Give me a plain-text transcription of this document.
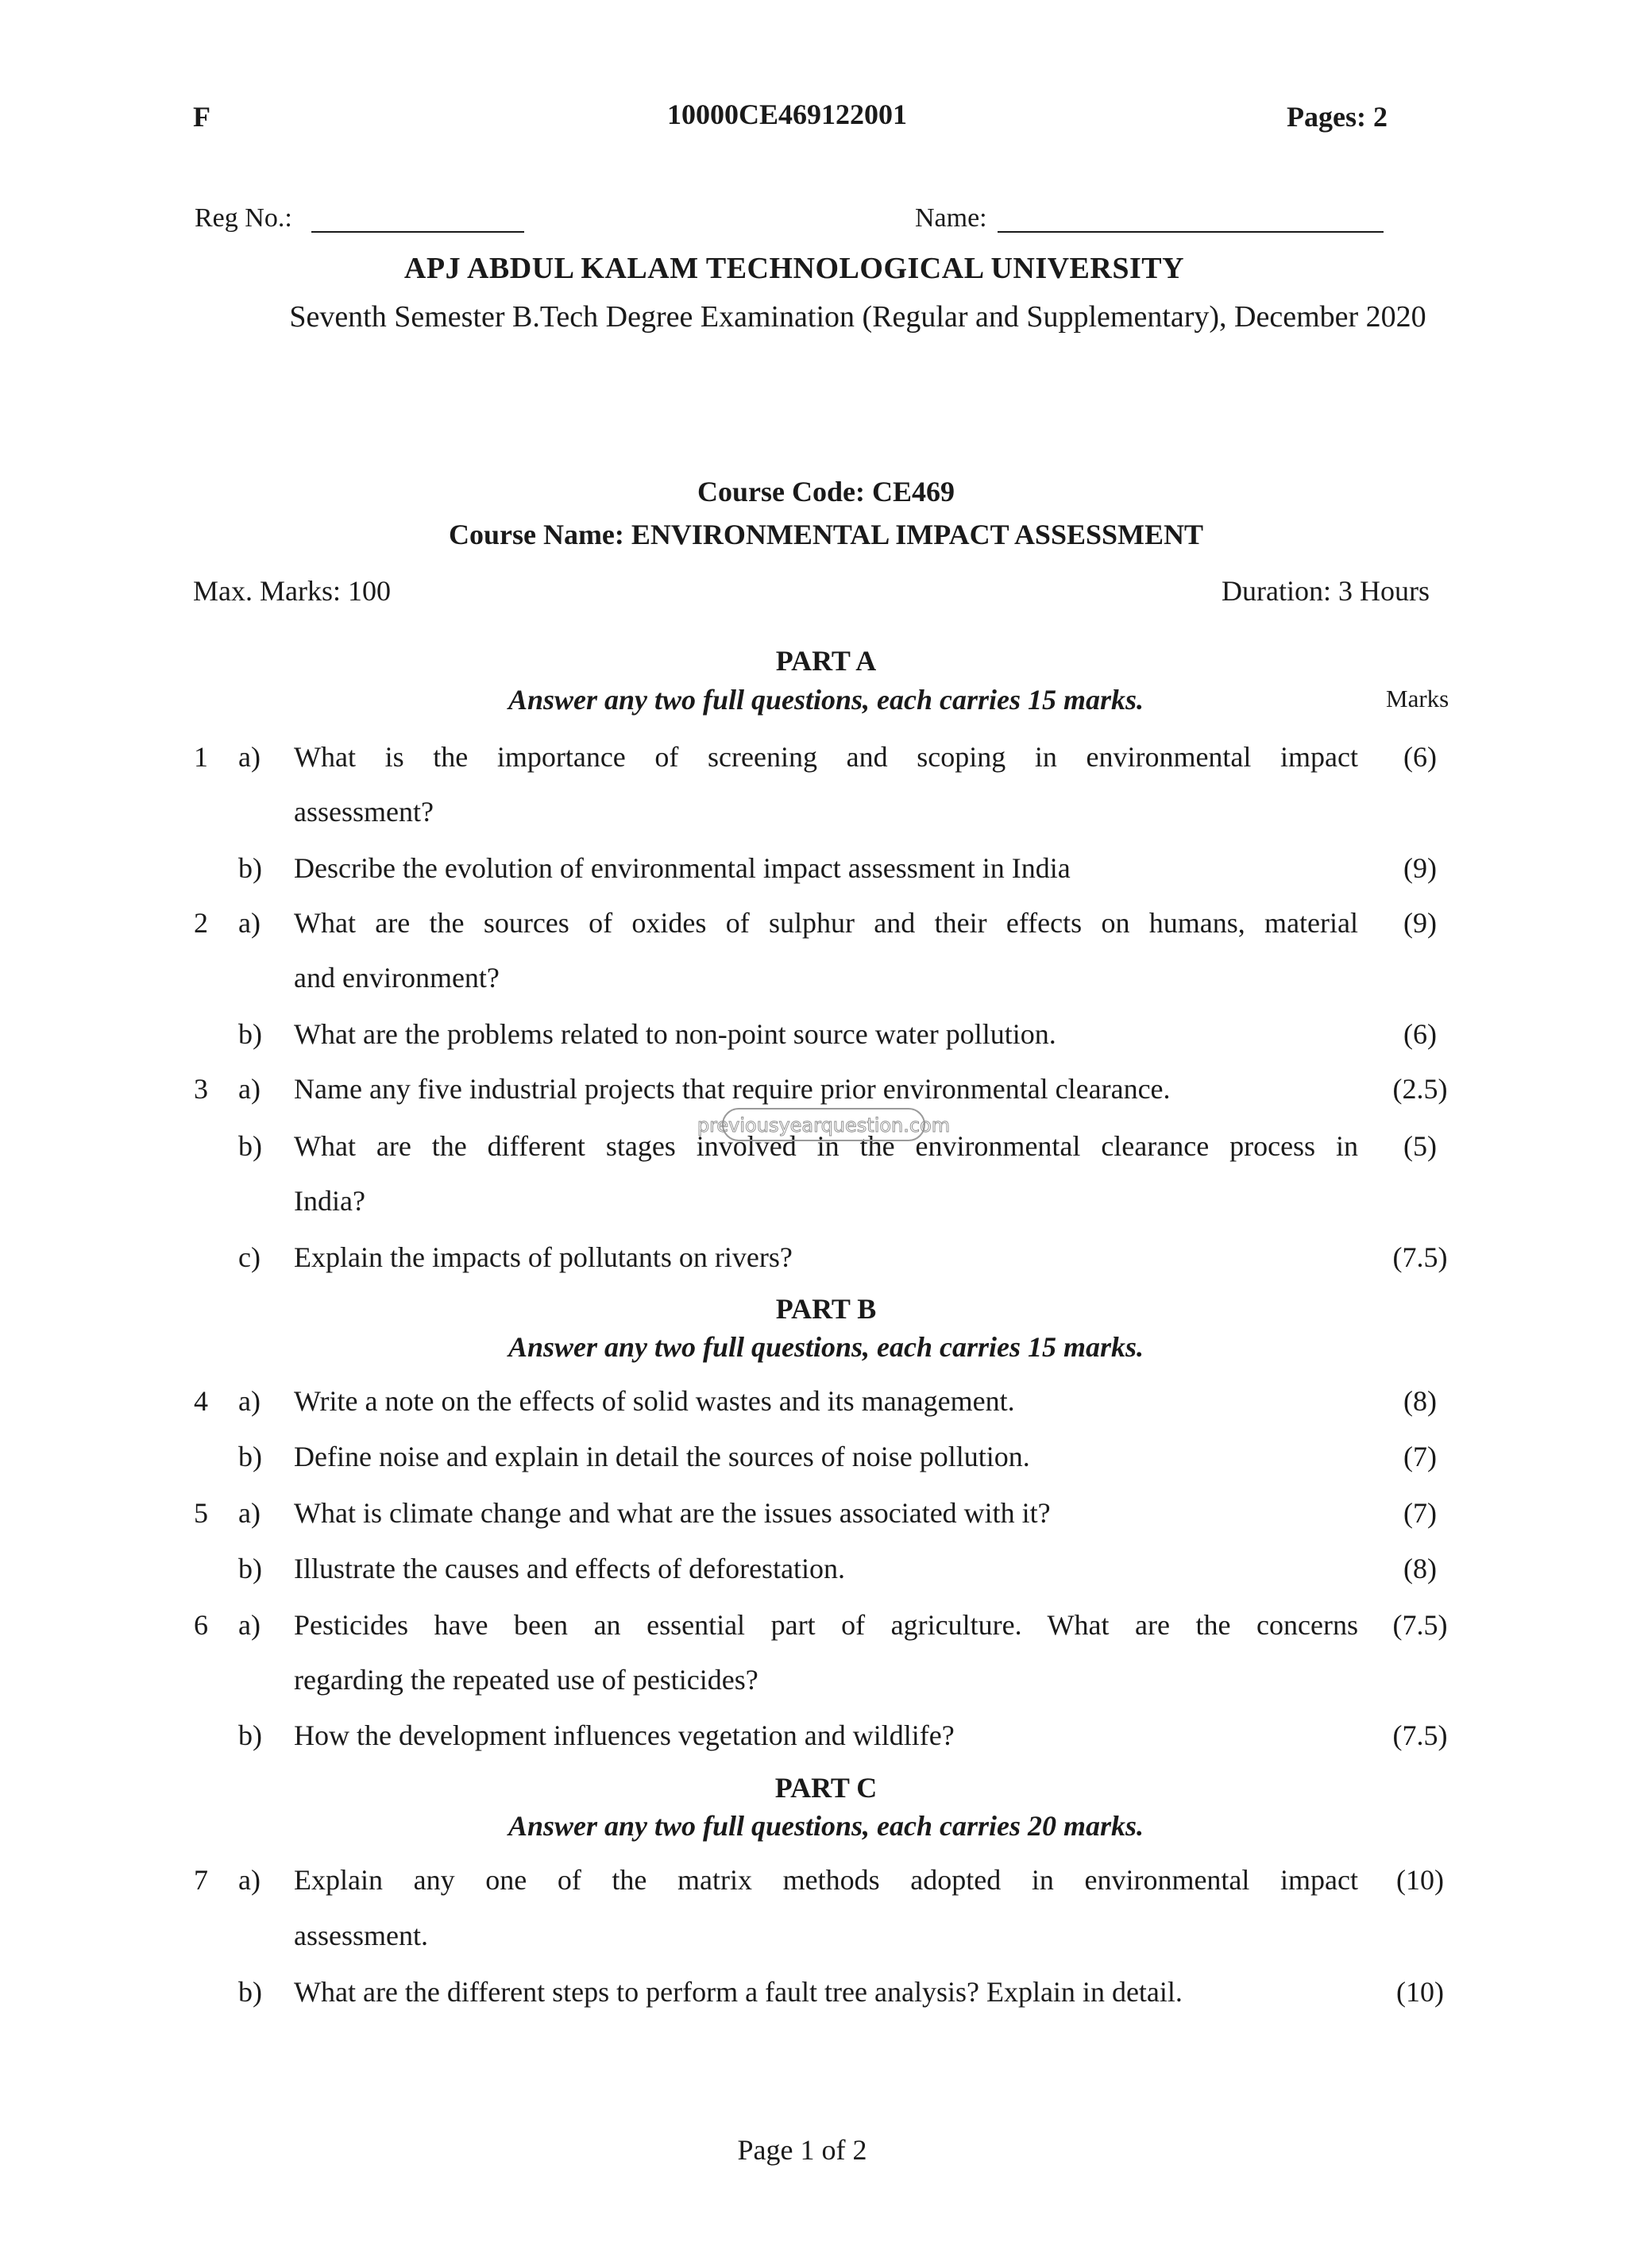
F	10000CE469122001	Pages: 2
Reg No.:	Name:
APJ ABDUL KALAM TECHNOLOGICAL UNIVERSITY
Seventh Semester B.Tech Degree Examination (Regular and Supplementary), December 2020
Course Code: CE469
Course Name: ENVIRONMENTAL IMPACT ASSESSMENT
Max. Marks: 100	Duration: 3 Hours
PART A
Answer any two full questions, each carries 15 marks.	Marks
1 a) What is the importance of screening and scoping in environmental impact
assessment?
(6)
b) Describe the evolution of environmental impact assessment in India	(9)
2 a) What are the sources of oxides of sulphur and their effects on humans, material
and environment?
(9)
b) What are the problems related to non-point source water pollution.	(6)
3 a) Name any five industrial projects that require prior environmental clearance.	(2.5)
b) What are the different stages involved in the environmental clearance process in
India?
(5)
c) Explain the impacts of pollutants on rivers?	(7.5)
previousyearquestion.com
PART B
Answer any two full questions, each carries 15 marks.
4 a) Write a note on the effects of solid wastes and its management.	(8)
b) Define noise and explain in detail the sources of noise pollution.	(7)
5 a) What is climate change and what are the issues associated with it?	(7)
b) Illustrate the causes and effects of deforestation.	(8)
6 a) Pesticides have been an essential part of agriculture. What are the concerns
regarding the repeated use of pesticides?
(7.5)
b) How the development influences vegetation and wildlife?	(7.5)
PART C
Answer any two full questions, each carries 20 marks.
7 a) Explain any one of the matrix methods adopted in environmental impact
assessment.
(10)
b) What are the different steps to perform a fault tree analysis? Explain in detail.	(10)
Page 1 of 2
